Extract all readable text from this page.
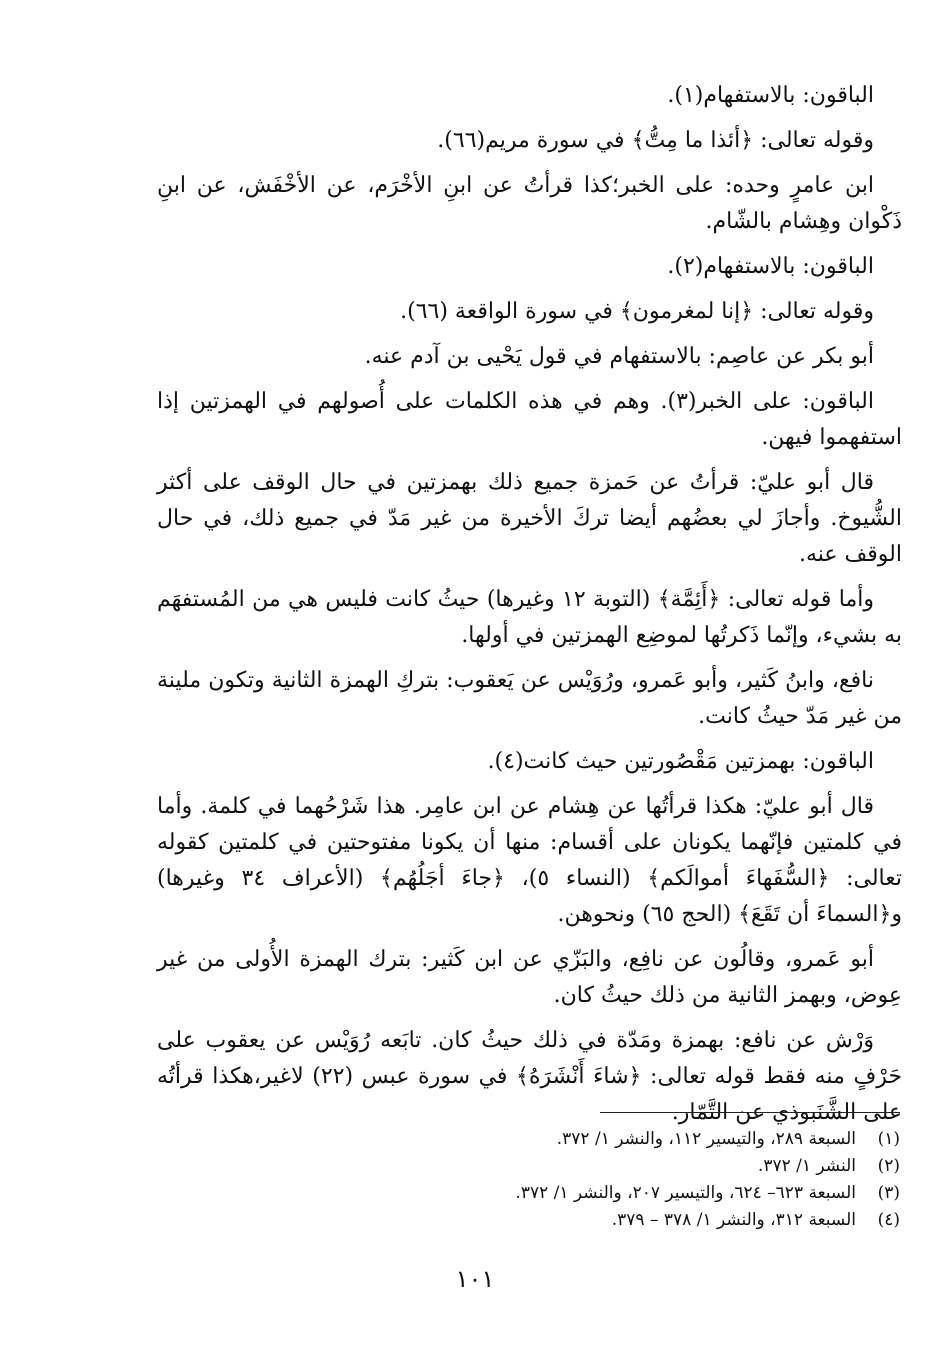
الباقون: بالاستفهام(١).

وقوله تعالى: ﴿أئذا ما مِتُّ﴾ في سورة مريم(٦٦).

ابن عامرٍ وحده: على الخبر؛كذا قرأتُ عن ابنِ الأخْرَم، عن الأخْفَش، عن ابنِ ذَكْوان وهِشام بالشّام.

الباقون: بالاستفهام(٢).

وقوله تعالى: ﴿إنا لمغرمون﴾ في سورة الواقعة (٦٦).

أبو بكر عن عاصِم: بالاستفهام في قول يَحْيى بن آدم عنه.

الباقون: على الخبر(٣). وهم في هذه الكلمات على أُصولهم في الهمزتين إذا استفهموا فيهن.

قال أبو عليّ: قرأتُ عن حَمزة جميع ذلك بهمزتين في حال الوقف على أكثر الشُّيوخ. وأجازَ لي بعضُهم أيضا تركَ الأخيرة من غير مَدّ في جميع ذلك، في حال الوقف عنه.

وأما قوله تعالى: ﴿أَئِمَّة﴾ (التوبة ١٢ وغيرها) حيثُ كانت فليس هي من المُستفهَم به بشيء، وإنّما ذَكرتُها لموضِع الهمزتين في أولها.

نافع، وابنُ كَثير، وأبو عَمرو، ورُوَيْس عن يَعقوب: بتركِ الهمزة الثانية وتكون ملينة من غير مَدّ حيثُ كانت.

الباقون: بهمزتين مَقْصُورتين حيث كانت(٤).

قال أبو عليّ: هكذا قرأتُها عن هِشام عن ابن عامِر. هذا شَرْحُهما في كلمة. وأما في كلمتين فإنّهما يكونان على أقسام: منها أن يكونا مفتوحتين في كلمتين كقوله تعالى: ﴿السُّفَهاءَ أموالَكم﴾ (النساء ٥)، ﴿جاءَ أجَلُهُم﴾ (الأعراف ٣٤ وغيرها) و﴿السماءَ أن تَقَعَ﴾ (الحج ٦٥) ونحوهن.

أبو عَمرو، وقالُون عن نافِع، والبَزّي عن ابن كَثير: بترك الهمزة الأُولى من غير عِوض، وبهمز الثانية من ذلك حيثُ كان.

وَرْش عن نافع: بهمزة ومَدّة في ذلك حيثُ كان. تابَعه رُوَيْس عن يعقوب على حَرْفٍ منه فقط قوله تعالى: ﴿شاءَ أَنْشَرَهُ﴾ في سورة عبس (٢٢) لاغير،هكذا قرأتُه على الشَّنَبوذي عن التَّمّار.

(١)
السبعة ٢٨٩، والتيسير ١١٢، والنشر ١/ ٣٧٢.
(٢)
النشر ١/ ٣٧٢.
(٣)
السبعة ٦٢٣– ٦٢٤، والتيسير ٢٠٧، والنشر ١/ ٣٧٢.
(٤)
السبعة ٣١٢، والنشر ١/ ٣٧٨ – ٣٧٩.
١٠١
